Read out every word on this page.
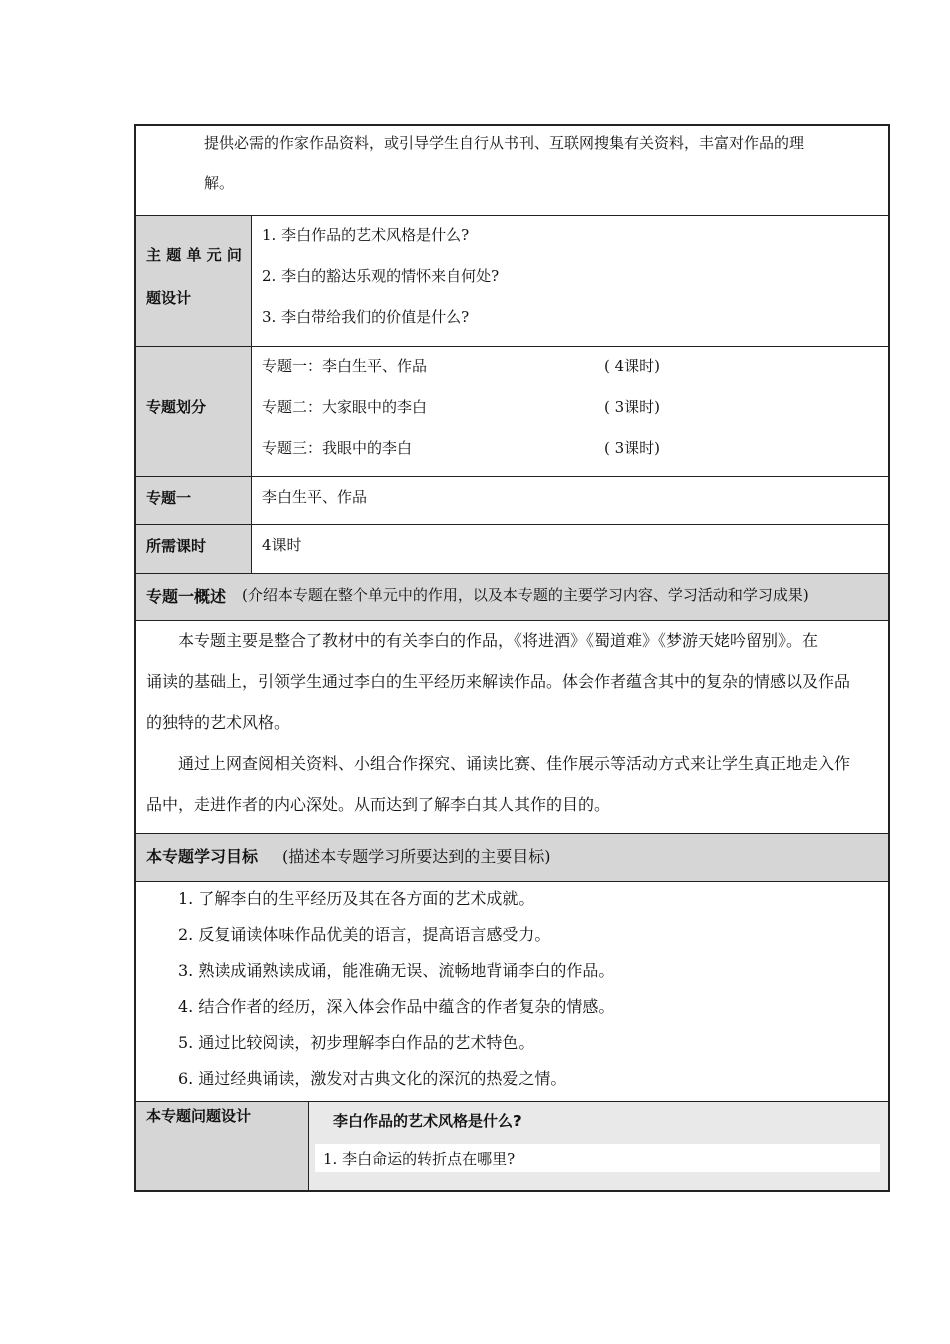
提供必需的作家作品资料，或引导学生自行从书刊、互联网搜集有关资料，丰富对作品的理
解。
主 题 单 元 问
题设计
1. 李白作品的艺术风格是什么?
2. 李白的豁达乐观的情怀来自何处?
3. 李白带给我们的价值是什么?
专题划分
专题一：李白生平、作品	( 4课时)
专题二：大家眼中的李白	( 3课时)
专题三：我眼中的李白	( 3课时)
专题一	李白生平、作品
所需课时	4课时
专题一概述	(介绍本专题在整个单元中的作用，以及本专题的主要学习内容、学习活动和学习成果)
本专题主要是整合了教材中的有关李白的作品，《将进酒》《蜀道难》《梦游天姥吟留别》。在
诵读的基础上，引领学生通过李白的生平经历来解读作品。体会作者蕴含其中的复杂的情感以及作品
的独特的艺术风格。
通过上网查阅相关资料、小组合作探究、诵读比赛、佳作展示等活动方式来让学生真正地走入作
品中，走进作者的内心深处。从而达到了解李白其人其作的目的。
本专题学习目标	(描述本专题学习所要达到的主要目标)
1. 了解李白的生平经历及其在各方面的艺术成就。
2. 反复诵读体味作品优美的语言，提高语言感受力。
3. 熟读成诵熟读成诵，能准确无误、流畅地背诵李白的作品。
4. 结合作者的经历，深入体会作品中蕴含的作者复杂的情感。
5. 通过比较阅读，初步理解李白作品的艺术特色。
6. 通过经典诵读，激发对古典文化的深沉的热爱之情。
本专题问题设计	李白作品的艺术风格是什么?
1. 李白命运的转折点在哪里?
